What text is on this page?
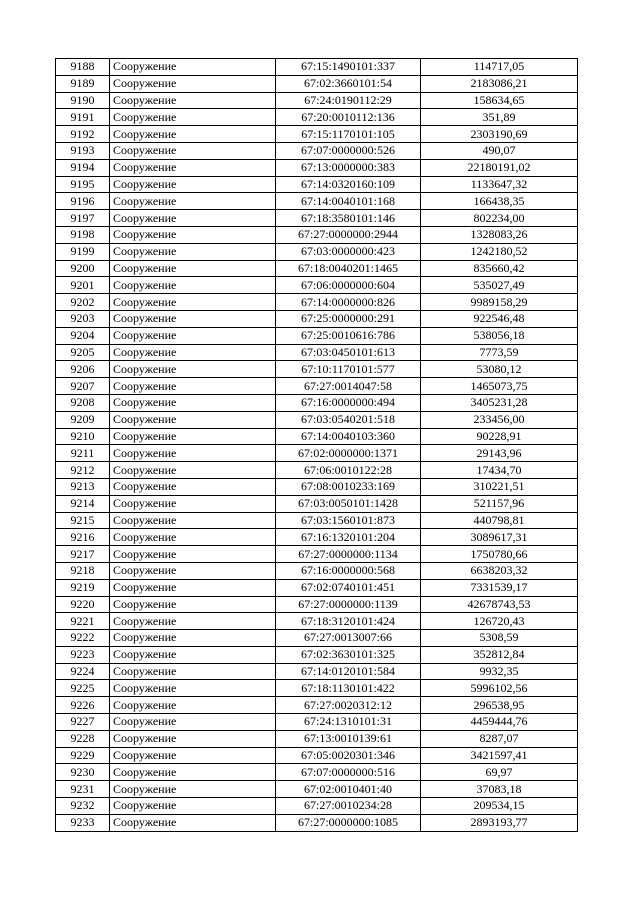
9188	Сооружение	67:15:1490101:337	114717,05
9189	Сооружение	67:02:3660101:54	2183086,21
9190	Сооружение	67:24:0190112:29	158634,65
9191	Сооружение	67:20:0010112:136	351,89
9192	Сооружение	67:15:1170101:105	2303190,69
9193	Сооружение	67:07:0000000:526	490,07
9194	Сооружение	67:13:0000000:383	22180191,02
9195	Сооружение	67:14:0320160:109	1133647,32
9196	Сооружение	67:14:0040101:168	166438,35
9197	Сооружение	67:18:3580101:146	802234,00
9198	Сооружение	67:27:0000000:2944	1328083,26
9199	Сооружение	67:03:0000000:423	1242180,52
9200	Сооружение	67:18:0040201:1465	835660,42
9201	Сооружение	67:06:0000000:604	535027,49
9202	Сооружение	67:14:0000000:826	9989158,29
9203	Сооружение	67:25:0000000:291	922546,48
9204	Сооружение	67:25:0010616:786	538056,18
9205	Сооружение	67:03:0450101:613	7773,59
9206	Сооружение	67:10:1170101:577	53080,12
9207	Сооружение	67:27:0014047:58	1465073,75
9208	Сооружение	67:16:0000000:494	3405231,28
9209	Сооружение	67:03:0540201:518	233456,00
9210	Сооружение	67:14:0040103:360	90228,91
9211	Сооружение	67:02:0000000:1371	29143,96
9212	Сооружение	67:06:0010122:28	17434,70
9213	Сооружение	67:08:0010233:169	310221,51
9214	Сооружение	67:03:0050101:1428	521157,96
9215	Сооружение	67:03:1560101:873	440798,81
9216	Сооружение	67:16:1320101:204	3089617,31
9217	Сооружение	67:27:0000000:1134	1750780,66
9218	Сооружение	67:16:0000000:568	6638203,32
9219	Сооружение	67:02:0740101:451	7331539,17
9220	Сооружение	67:27:0000000:1139	42678743,53
9221	Сооружение	67:18:3120101:424	126720,43
9222	Сооружение	67:27:0013007:66	5308,59
9223	Сооружение	67:02:3630101:325	352812,84
9224	Сооружение	67:14:0120101:584	9932,35
9225	Сооружение	67:18:1130101:422	5996102,56
9226	Сооружение	67:27:0020312:12	296538,95
9227	Сооружение	67:24:1310101:31	4459444,76
9228	Сооружение	67:13:0010139:61	8287,07
9229	Сооружение	67:05:0020301:346	3421597,41
9230	Сооружение	67:07:0000000:516	69,97
9231	Сооружение	67:02:0010401:40	37083,18
9232	Сооружение	67:27:0010234:28	209534,15
9233	Сооружение	67:27:0000000:1085	2893193,77
